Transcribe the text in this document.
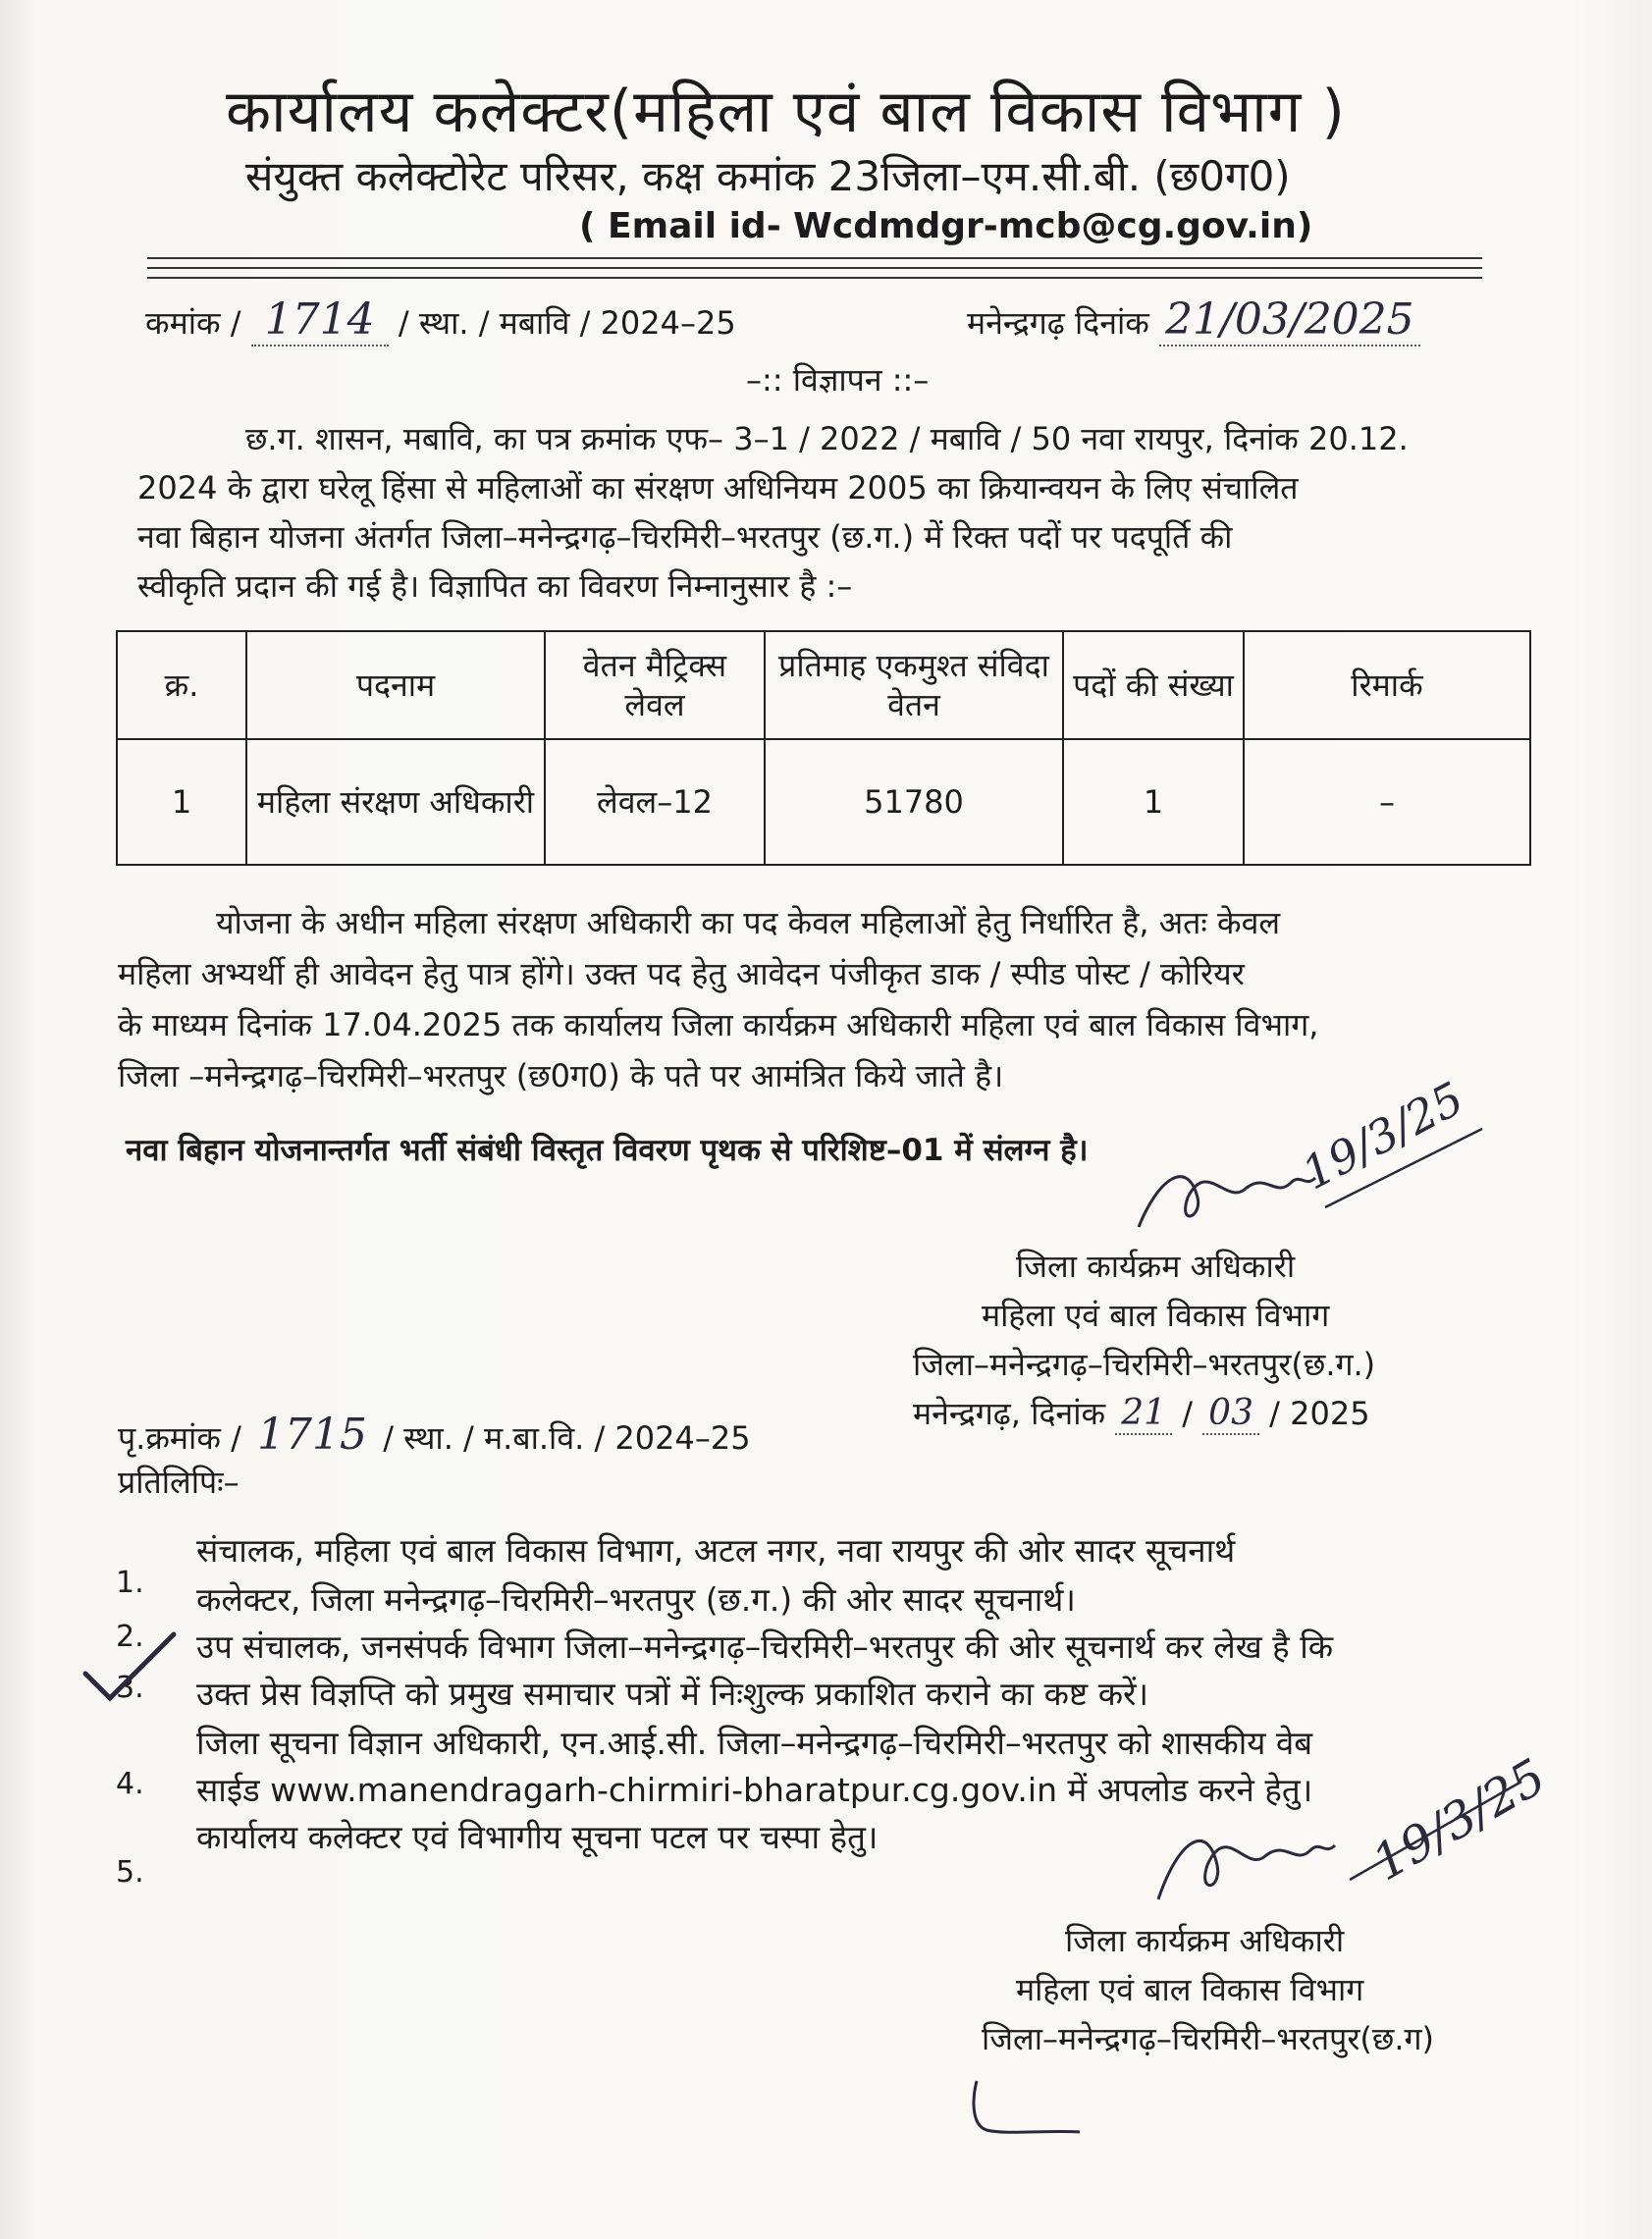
कार्यालय कलेक्टर(महिला एवं बाल विकास विभाग )
संयुक्त कलेक्टोरेट परिसर, कक्ष कमांक 23जिला–एम.सी.बी. (छ0ग0)
( Email id- Wcdmdgr-mcb@cg.gov.in)
कमांक / 1714 / स्था. / मबावि / 2024–25	मनेन्द्रगढ़ दिनांक 21/03/2025
–:: विज्ञापन ::–
छ.ग. शासन, मबावि, का पत्र क्रमांक एफ– 3–1 / 2022 / मबावि / 50 नवा रायपुर, दिनांक 20.12.
2024 के द्वारा घरेलू हिंसा से महिलाओं का संरक्षण अधिनियम 2005 का क्रियान्वयन के लिए संचालित
नवा बिहान योजना अंतर्गत जिला–मनेन्द्रगढ़–चिरमिरी–भरतपुर (छ.ग.) में रिक्त पदों पर पदपूर्ति की
स्वीकृति प्रदान की गई है। विज्ञापित का विवरण निम्नानुसार है :–
क्र.	पदनाम	वेतन मैट्रिक्स लेवल	प्रतिमाह एकमुश्त संविदा वेतन	पदों की संख्या	रिमार्क
1	महिला संरक्षण अधिकारी	लेवल–12	51780	1	–
योजना के अधीन महिला संरक्षण अधिकारी का पद केवल महिलाओं हेतु निर्धारित है, अतः केवल
महिला अभ्यर्थी ही आवेदन हेतु पात्र होंगे। उक्त पद हेतु आवेदन पंजीकृत डाक / स्पीड पोस्ट / कोरियर
के माध्यम दिनांक 17.04.2025 तक कार्यालय जिला कार्यक्रम अधिकारी महिला एवं बाल विकास विभाग,
जिला –मनेन्द्रगढ़–चिरमिरी–भरतपुर (छ0ग0) के पते पर आमंत्रित किये जाते है।
नवा बिहान योजनान्तर्गत भर्ती संबंधी विस्तृत विवरण पृथक से परिशिष्ट–01 में संलग्न है।	19/3/25
जिला कार्यक्रम अधिकारी
महिला एवं बाल विकास विभाग
जिला–मनेन्द्रगढ़–चिरमिरी–भरतपुर(छ.ग.)
मनेन्द्रगढ़, दिनांक 21 / 03 / 2025
पृ.क्रमांक / 1715 / स्था. / म.बा.वि. / 2024–25
प्रतिलिपिः–
1.
संचालक, महिला एवं बाल विकास विभाग, अटल नगर, नवा रायपुर की ओर सादर सूचनार्थ
2.
कलेक्टर, जिला मनेन्द्रगढ़–चिरमिरी–भरतपुर (छ.ग.) की ओर सादर सूचनार्थ।
3.
उप संचालक, जनसंपर्क विभाग जिला–मनेन्द्रगढ़–चिरमिरी–भरतपुर की ओर सूचनार्थ कर लेख है कि
उक्त प्रेस विज्ञप्ति को प्रमुख समाचार पत्रों में निःशुल्क प्रकाशित कराने का कष्ट करें।
4.
जिला सूचना विज्ञान अधिकारी, एन.आई.सी. जिला–मनेन्द्रगढ़–चिरमिरी–भरतपुर को शासकीय वेब
साईड www.manendragarh-chirmiri-bharatpur.cg.gov.in में अपलोड करने हेतु।
5.
कार्यालय कलेक्टर एवं विभागीय सूचना पटल पर चस्पा हेतु।	19/3/25
जिला कार्यक्रम अधिकारी
महिला एवं बाल विकास विभाग
जिला–मनेन्द्रगढ़–चिरमिरी–भरतपुर(छ.ग)
